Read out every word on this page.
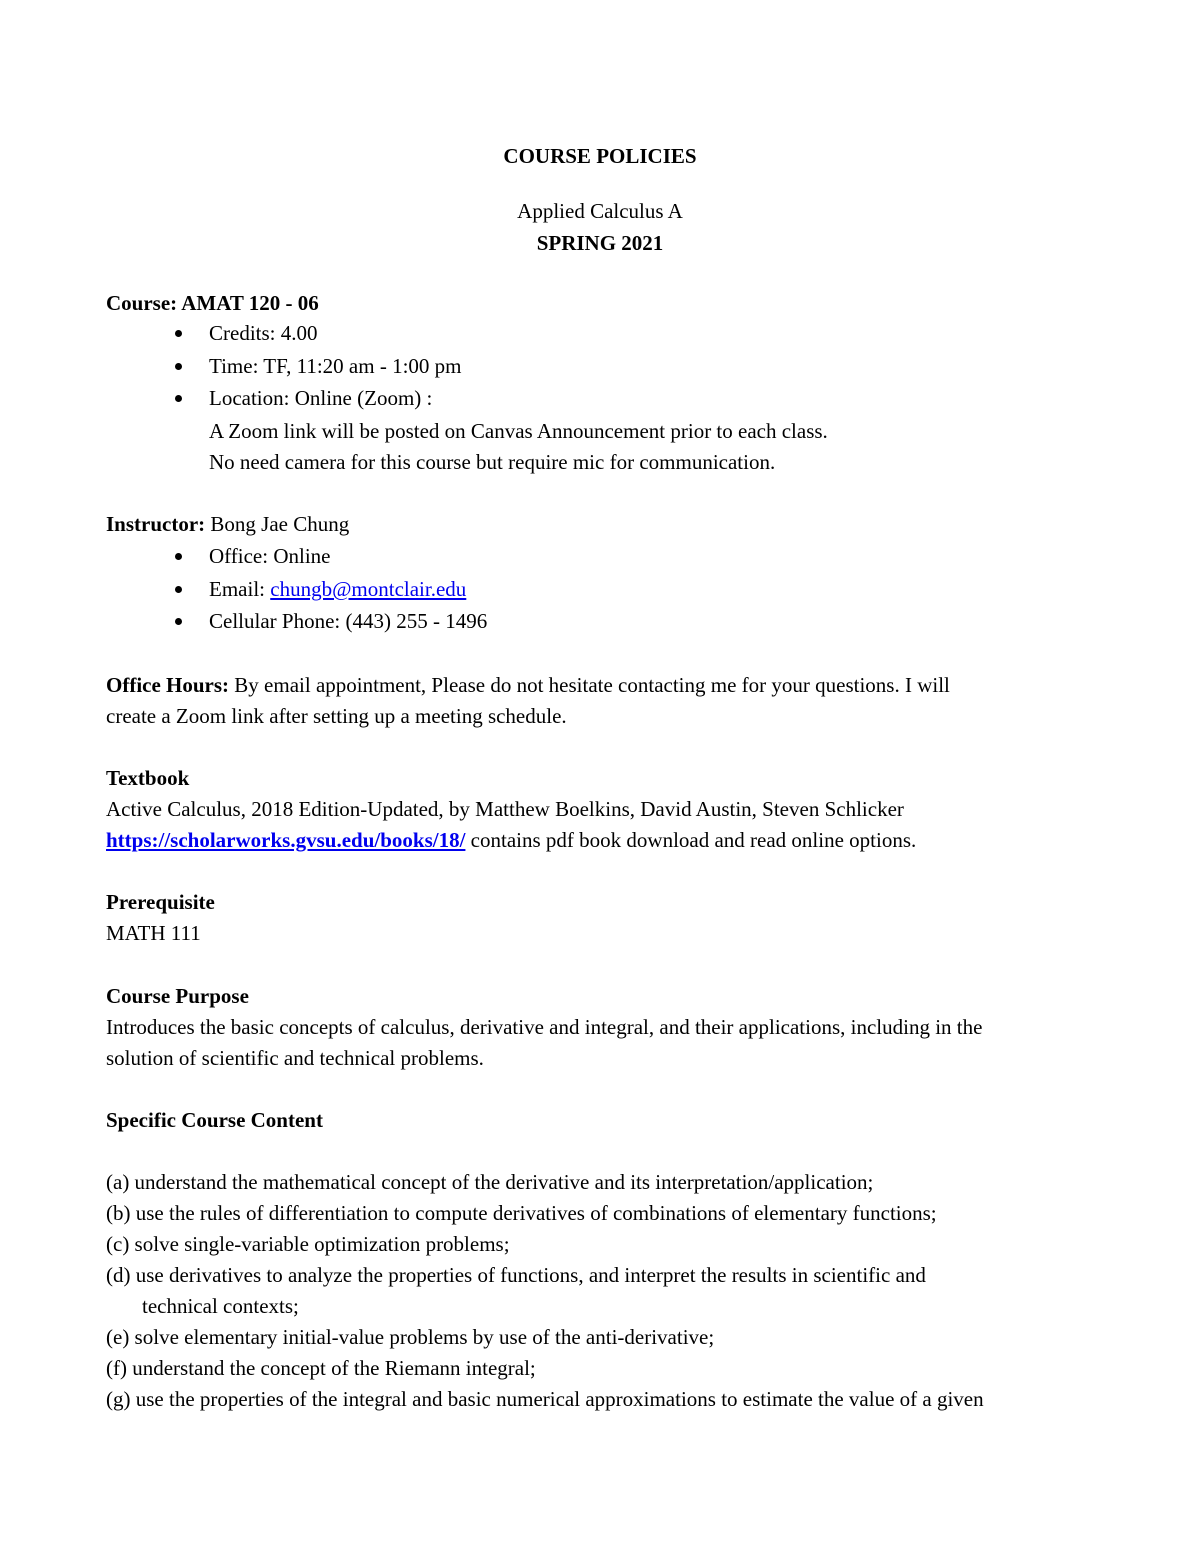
COURSE POLICIES
Applied Calculus A
SPRING 2021
Course: AMAT 120 - 06
Credits: 4.00
Time: TF, 11:20 am - 1:00 pm
Location: Online (Zoom) :
A Zoom link will be posted on Canvas Announcement prior to each class.
No need camera for this course but require mic for communication.
Instructor: Bong Jae Chung
Office: Online
Email: chungb@montclair.edu
Cellular Phone: (443) 255 - 1496
Office Hours: By email appointment, Please do not hesitate contacting me for your questions. I will
create a Zoom link after setting up a meeting schedule.
Textbook
Active Calculus, 2018 Edition-Updated, by Matthew Boelkins, David Austin, Steven Schlicker
https://scholarworks.gvsu.edu/books/18/ contains pdf book download and read online options.
Prerequisite
MATH 111
Course Purpose
Introduces the basic concepts of calculus, derivative and integral, and their applications, including in the
solution of scientific and technical problems.
Specific Course Content
(a) understand the mathematical concept of the derivative and its interpretation/application;
(b) use the rules of differentiation to compute derivatives of combinations of elementary functions;
(c) solve single-variable optimization problems;
(d) use derivatives to analyze the properties of functions, and interpret the results in scientific and
technical contexts;
(e) solve elementary initial-value problems by use of the anti-derivative;
(f) understand the concept of the Riemann integral;
(g) use the properties of the integral and basic numerical approximations to estimate the value of a given
